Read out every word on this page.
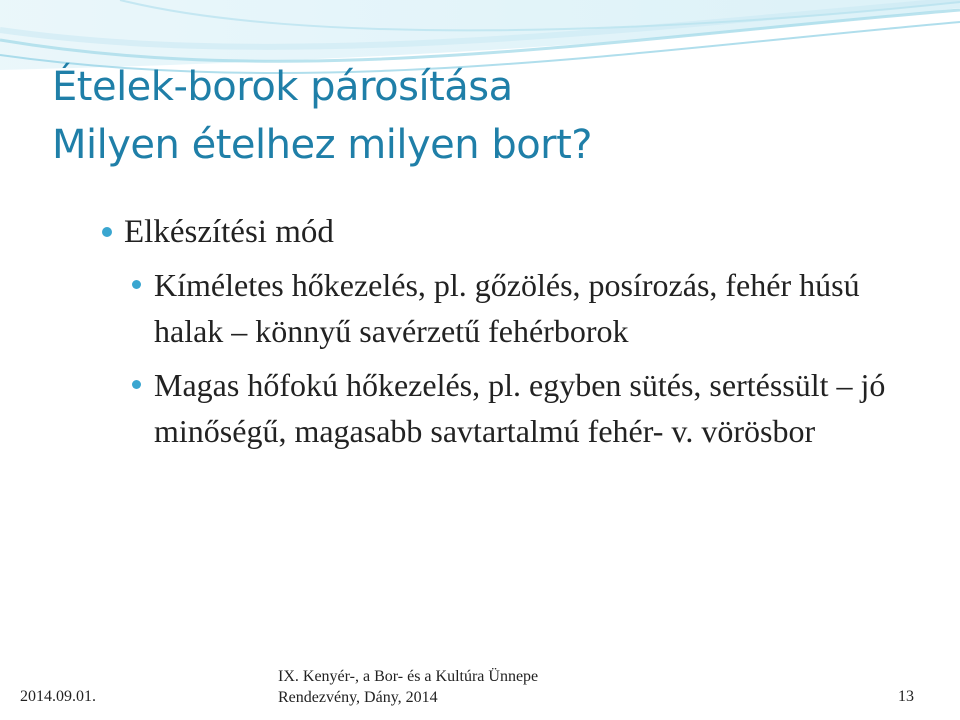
Ételek-borok párosítása
Milyen ételhez milyen bort?
Elkészítési mód
Kíméletes hőkezelés, pl. gőzölés, posírozás, fehér húsú halak – könnyű savérzetű fehérborok
Magas hőfokú hőkezelés, pl. egyben sütés, sertéssült – jó minőségű, magasabb savtartalmú fehér- v. vörösbor
2014.09.01.
IX. Kenyér-, a Bor- és a Kultúra Ünnepe
Rendezvény, Dány, 2014	13
